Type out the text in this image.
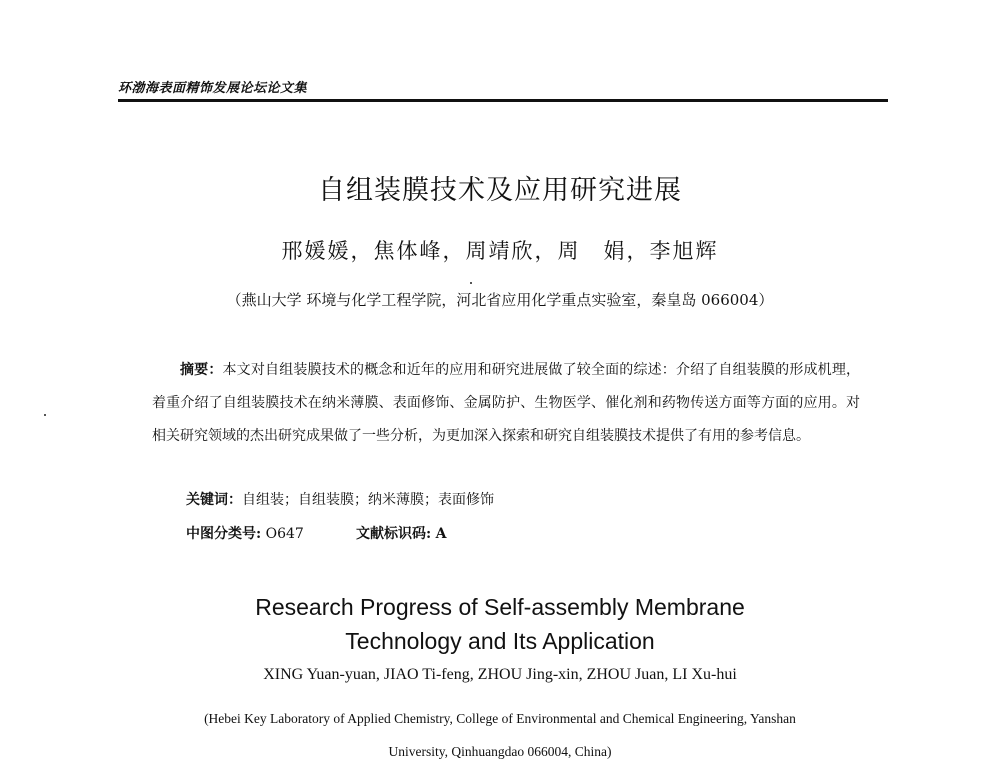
环渤海表面精饰发展论坛论文集
自组装膜技术及应用研究进展
邢媛媛，焦体峰，周靖欣，周　娟，李旭辉
（燕山大学 环境与化学工程学院，河北省应用化学重点实验室，秦皇岛 066004）
摘要：本文对自组装膜技术的概念和近年的应用和研究进展做了较全面的综述：介绍了自组装膜的形成机理，着重介绍了自组装膜技术在纳米薄膜、表面修饰、金属防护、生物医学、催化剂和药物传送方面等方面的应用。对相关研究领域的杰出研究成果做了一些分析，为更加深入探索和研究自组装膜技术提供了有用的参考信息。
关键词：自组装；自组装膜；纳米薄膜；表面修饰
中图分类号: O647	文献标识码: A
Research Progress of Self-assembly Membrane
Technology and Its Application
XING Yuan-yuan, JIAO Ti-feng, ZHOU Jing-xin, ZHOU Juan, LI Xu-hui
(Hebei Key Laboratory of Applied Chemistry, College of Environmental and Chemical Engineering, Yanshan
University, Qinhuangdao 066004, China)
